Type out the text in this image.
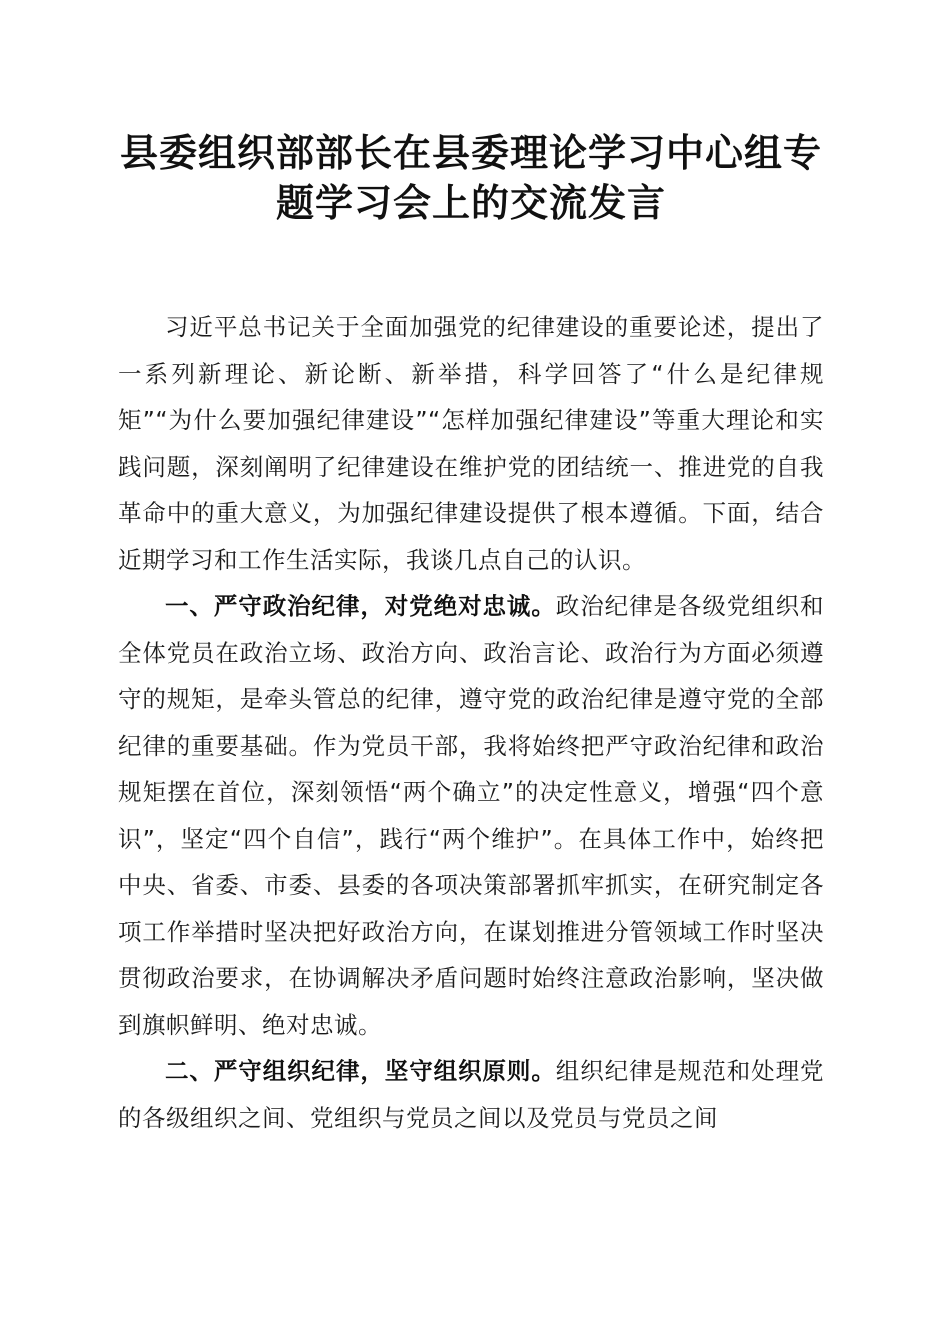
县委组织部部长在县委理论学习中心组专题学习会上的交流发言

习近平总书记关于全面加强党的纪律建设的重要论述，提出了一系列新理论、新论断、新举措，科学回答了“什么是纪律规矩”“为什么要加强纪律建设”“怎样加强纪律建设”等重大理论和实践问题，深刻阐明了纪律建设在维护党的团结统一、推进党的自我革命中的重大意义，为加强纪律建设提供了根本遵循。下面，结合近期学习和工作生活实际，我谈几点自己的认识。

一、严守政治纪律，对党绝对忠诚。政治纪律是各级党组织和全体党员在政治立场、政治方向、政治言论、政治行为方面必须遵守的规矩，是牵头管总的纪律，遵守党的政治纪律是遵守党的全部纪律的重要基础。作为党员干部，我将始终把严守政治纪律和政治规矩摆在首位，深刻领悟“两个确立”的决定性意义，增强“四个意识”，坚定“四个自信”，践行“两个维护”。在具体工作中，始终把中央、省委、市委、县委的各项决策部署抓牢抓实，在研究制定各项工作举措时坚决把好政治方向，在谋划推进分管领域工作时坚决贯彻政治要求，在协调解决矛盾问题时始终注意政治影响，坚决做到旗帜鲜明、绝对忠诚。

二、严守组织纪律，坚守组织原则。组织纪律是规范和处理党的各级组织之间、党组织与党员之间以及党员与党员之间
